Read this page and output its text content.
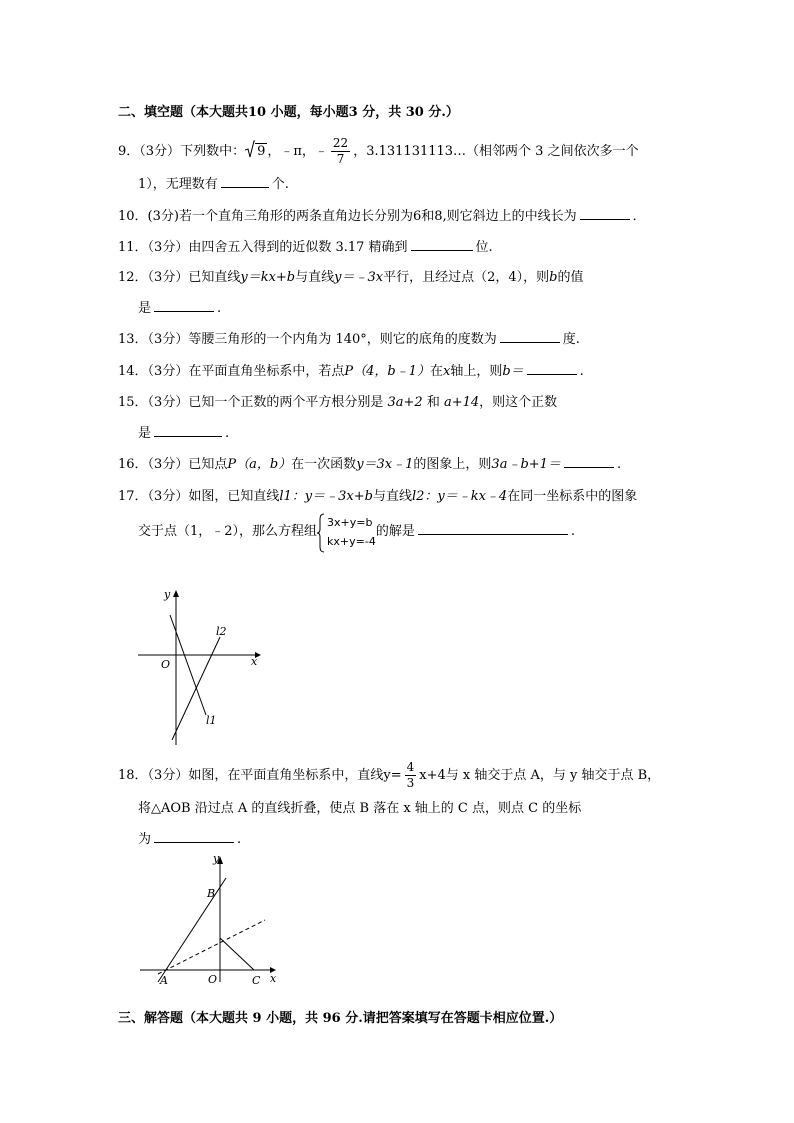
二、填空题（本大题共10 小题，每小题3 分，共 30 分.）
9．（3分）下列数中： 9 ，﹣π，﹣ $\frac{22}{7}$ ，3.131131113…（相邻两个 3 之间依次多一个
1），无理数有	个.
10．(3分)若一个直角三角形的两条直角边长分别为6和8,则它斜边上的中线长为	．
11．（3分）由四舍五入得到的近似数 3.17 精确到	位.
12．（3分）已知直线y＝kx+b与直线y＝﹣3x平行，且经过点（2，4），则b的值
是	.
13．（3分）等腰三角形的一个内角为 140°，则它的底角的度数为	度.
14．（3分）在平面直角坐标系中，若点P（4，b﹣1）在x轴上，则b＝	.
15．（3分）已知一个正数的两个平方根分别是 3a+2 和 a+14，则这个正数
是	.
16．（3分）已知点P（a，b）在一次函数y＝3x﹣1的图象上，则3a﹣b+1＝	.
17．（3分）如图，已知直线l1：y＝﹣3x+b与直线l2：y＝﹣kx﹣4在同一坐标系中的图象
交于点（1，﹣2），那么方程组
3x+y=b
kx+y=-4
的解是	.
y
x
O
l2
l1
18．（3分）如图，在平面直角坐标系中，直线$y= \frac{4}{3} x+4$与 x 轴交于点 A，与 y 轴交于点 B，
将△AOB 沿过点 A 的直线折叠，使点 B 落在 x 轴上的 C 点，则点 C 的坐标
为	.
y
x
O
A
B
C
三、解答题（本大题共 9 小题，共 96 分.请把答案填写在答题卡相应位置.）
